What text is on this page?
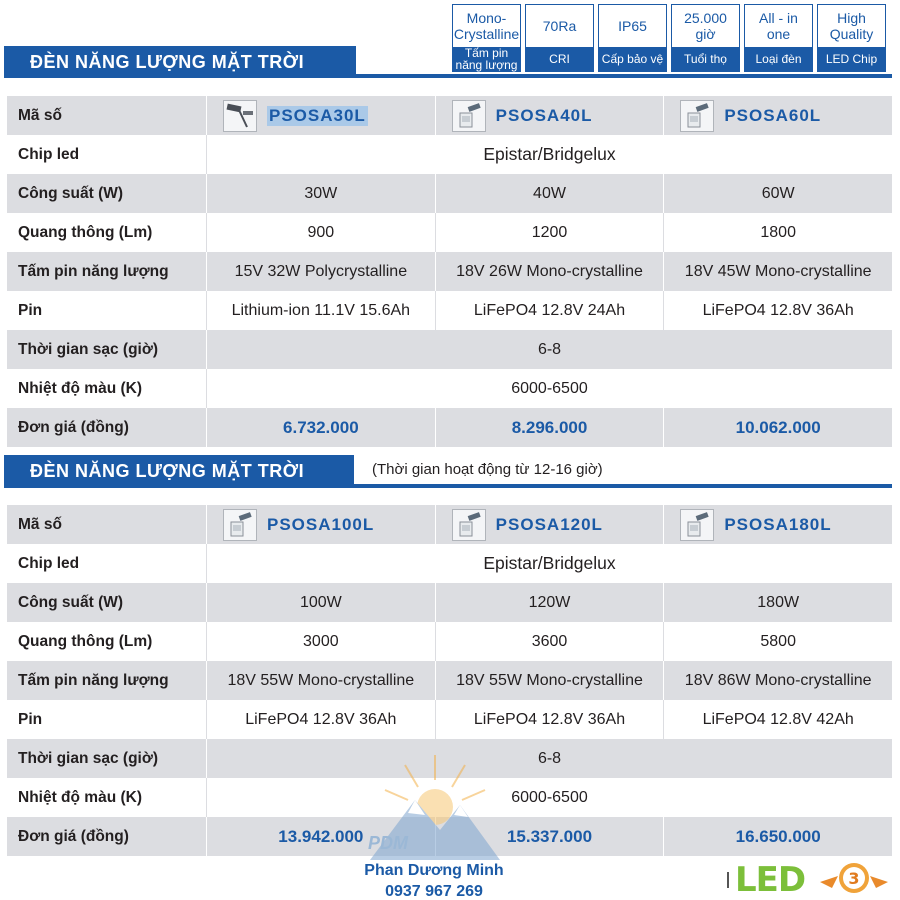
Mono-Crystalline
Tấm pin năng lượng
70Ra
CRI
IP65
Cấp bảo vệ
25.000 giờ
Tuổi thọ
All - in one
Loại đèn
High Quality
LED Chip
ĐÈN NĂNG LƯỢNG MẶT TRỜI
Mã số	PSOSA30L	PSOSA40L	PSOSA60L
Chip led	Epistar/Bridgelux
Công suất (W)	30W	40W	60W
Quang thông (Lm)	900	1200	1800
Tấm pin năng lượng	15V 32W Polycrystalline	18V 26W Mono-crystalline	18V 45W Mono-crystalline
Pin	Lithium-ion 11.1V 15.6Ah	LiFePO4 12.8V 24Ah	LiFePO4 12.8V 36Ah
Thời gian sạc (giờ)	6-8
Nhiệt độ màu (K)	6000-6500
Đơn giá (đồng)	6.732.000	8.296.000	10.062.000
ĐÈN NĂNG LƯỢNG MẶT TRỜI	(Thời gian hoạt động từ 12-16 giờ)
Mã số	PSOSA100L	PSOSA120L	PSOSA180L
Chip led	Epistar/Bridgelux
Công suất (W)	100W	120W	180W
Quang thông (Lm)	3000	3600	5800
Tấm pin năng lượng	18V 55W Mono-crystalline	18V 55W Mono-crystalline	18V 86W Mono-crystalline
Pin	LiFePO4 12.8V 36Ah	LiFePO4 12.8V 36Ah	LiFePO4 12.8V 42Ah
Thời gian sạc (giờ)	6-8
Nhiệt độ màu (K)	6000-6500
Đơn giá (đồng)	13.942.000	15.337.000	16.650.000
PDM
Phan Dương Minh
0937 967 269	LED	3
